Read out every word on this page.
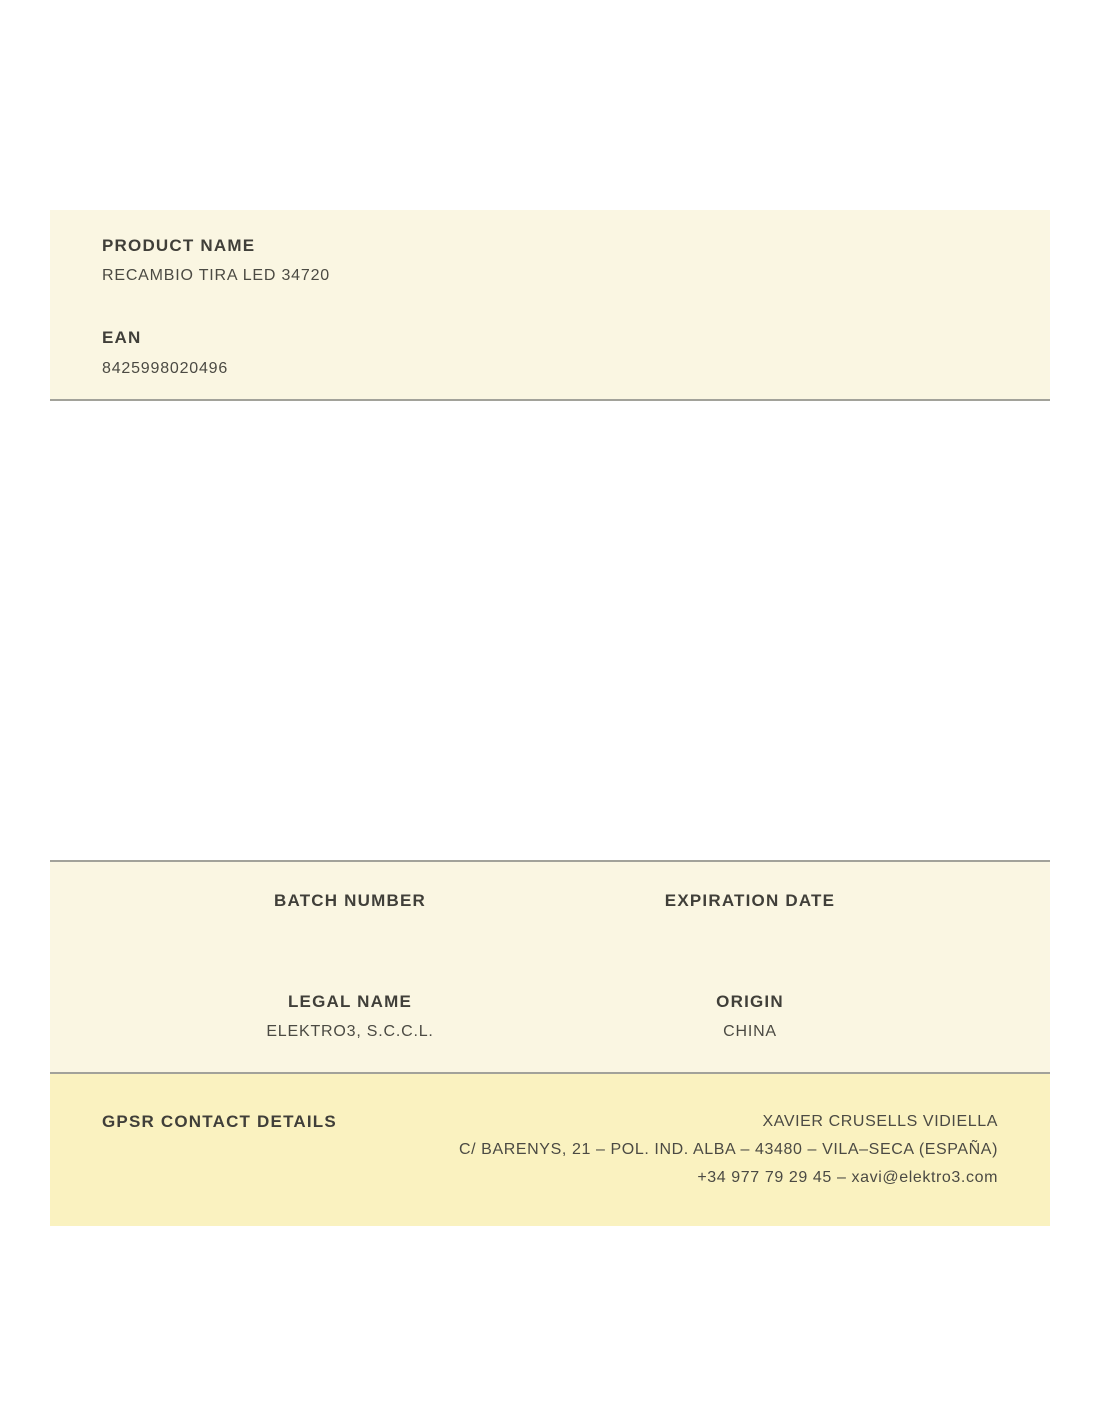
PRODUCT NAME
RECAMBIO TIRA LED 34720
EAN
8425998020496
BATCH NUMBER	EXPIRATION DATE
LEGAL NAME
ELEKTRO3, S.C.C.L.
ORIGIN
CHINA
GPSR CONTACT DETAILS	XAVIER CRUSELLS VIDIELLA
C/ BARENYS, 21 – POL. IND. ALBA – 43480 – VILA–SECA (ESPAÑA)
+34 977 79 29 45 – xavi@elektro3.com
